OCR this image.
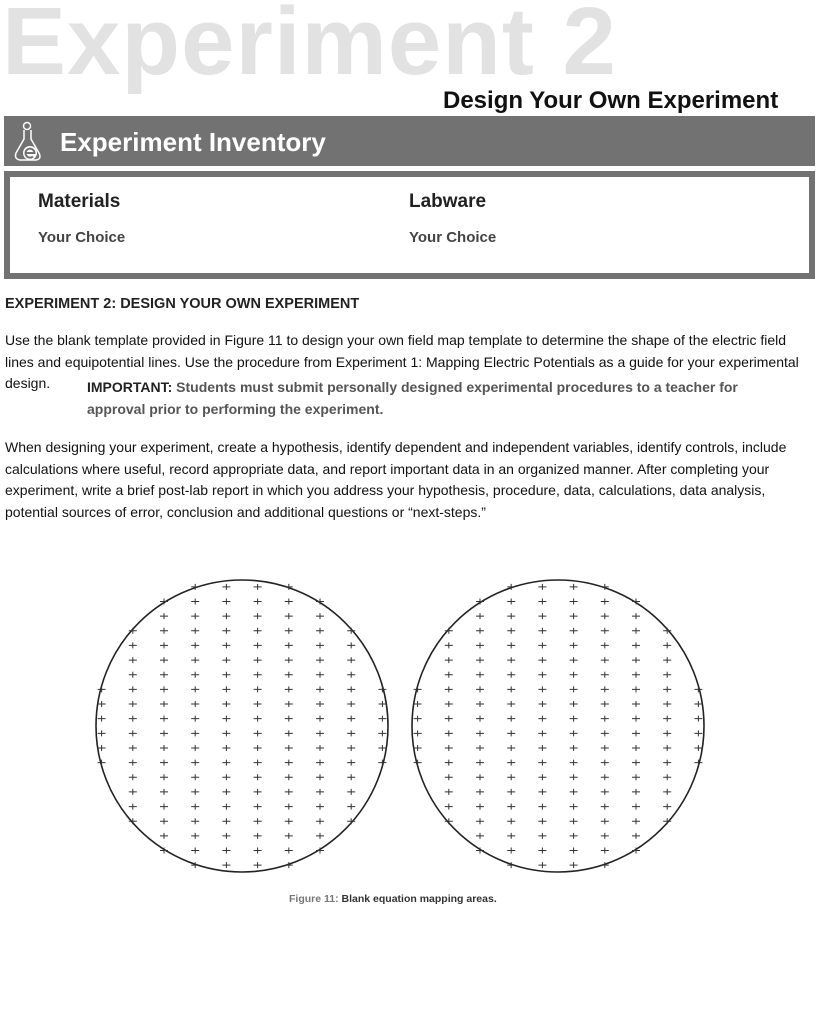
Experiment 2
Design Your Own Experiment
Experiment Inventory
Materials

Your Choice

Labware

Your Choice

EXPERIMENT 2: DESIGN YOUR OWN EXPERIMENT

Use the blank template provided in Figure 11 to design your own field map template to determine the shape of the electric field lines and equipotential lines. Use the procedure from Experiment 1: Mapping Electric Potentials as a guide for your experimental design.	IMPORTANT: Students must submit personally designed experimental procedures to a teacher for approval prior to performing the experiment.

When designing your experiment, create a hypothesis, identify dependent and independent variables, identify controls, include calculations where useful, record appropriate data, and report important data in an organized manner. After completing your experiment, write a brief post-lab report in which you address your hypothesis, procedure, data, calculations, data analysis, potential sources of error, conclusion and additional questions or “next-steps.”

Figure 11: Blank equation mapping areas.
